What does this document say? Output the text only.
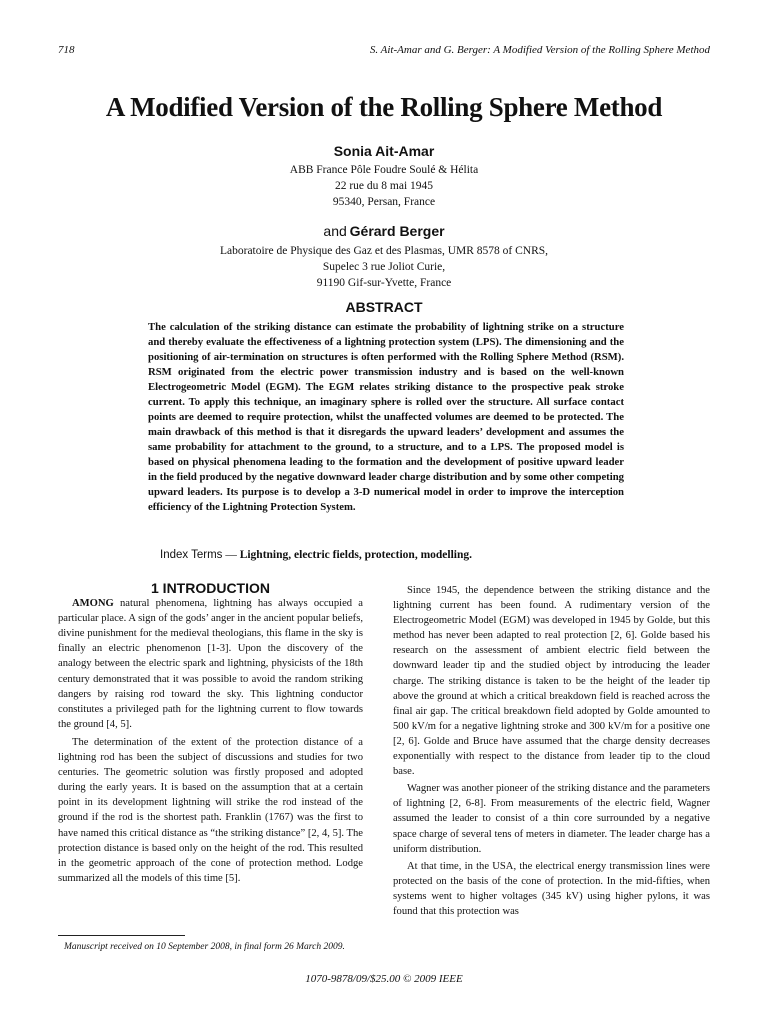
718	S. Ait-Amar and G. Berger: A Modified Version of the Rolling Sphere Method
A Modified Version of the Rolling Sphere Method
Sonia Ait-Amar
ABB France Pôle Foudre Soulé & Hélita
22 rue du 8 mai 1945
95340, Persan, France
and Gérard Berger
Laboratoire de Physique des Gaz et des Plasmas, UMR 8578 of CNRS,
Supelec 3 rue Joliot Curie,
91190 Gif-sur-Yvette, France
ABSTRACT
The calculation of the striking distance can estimate the probability of lightning strike on a structure and thereby evaluate the effectiveness of a lightning protection system (LPS). The dimensioning and the positioning of air-termination on structures is often performed with the Rolling Sphere Method (RSM). RSM originated from the electric power transmission industry and is based on the well-known Electrogeometric Model (EGM). The EGM relates striking distance to the prospective peak stroke current. To apply this technique, an imaginary sphere is rolled over the structure. All surface contact points are deemed to require protection, whilst the unaffected volumes are deemed to be protected. The main drawback of this method is that it disregards the upward leaders’ development and assumes the same probability for attachment to the ground, to a structure, and to a LPS. The proposed model is based on physical phenomena leading to the formation and the development of positive upward leader in the field produced by the negative downward leader charge distribution and by some other competing upward leaders. Its purpose is to develop a 3-D numerical model in order to improve the interception efficiency of the Lightning Protection System.
Index Terms — Lightning, electric fields, protection, modelling.

1 INTRODUCTION

AMONG natural phenomena, lightning has always occupied a particular place. A sign of the gods’ anger in the ancient popular beliefs, divine punishment for the medieval theologians, this flame in the sky is finally an electric phenomenon [1-3]. Upon the discovery of the analogy between the electric spark and lightning, physicists of the 18th century demonstrated that it was possible to avoid the random striking dangers by raising rod toward the sky. This lightning conductor constitutes a privileged path for the lightning current to flow towards the ground [4, 5].

The determination of the extent of the protection distance of a lightning rod has been the subject of discussions and studies for two centuries. The geometric solution was firstly proposed and adopted during the early years. It is based on the assumption that at a certain point in its development lightning will strike the rod instead of the ground if the rod is the shortest path. Franklin (1767) was the first to have named this critical distance as “the striking distance” [2, 4, 5]. The protection distance is based only on the height of the rod. This resulted in the geometric approach of the cone of protection method. Lodge summarized all the models of this time [5].

Since 1945, the dependence between the striking distance and the lightning current has been found. A rudimentary version of the Electrogeometric Model (EGM) was developed in 1945 by Golde, but this method has never been adapted to real protection [2, 6]. Golde based his research on the assessment of ambient electric field between the downward leader tip and the studied object by introducing the leader charge. The striking distance is taken to be the height of the leader tip above the ground at which a critical breakdown field is reached across the final air gap. The critical breakdown field adopted by Golde amounted to 500 kV/m for a negative lightning stroke and 300 kV/m for a positive one [2, 6]. Golde and Bruce have assumed that the charge density decreases exponentially with respect to the distance from leader tip to the cloud base.

Wagner was another pioneer of the striking distance and the parameters of lightning [2, 6-8]. From measurements of the electric field, Wagner assumed the leader to consist of a thin core surrounded by a negative space charge of several tens of meters in diameter. The leader charge has a uniform distribution.

At that time, in the USA, the electrical energy transmission lines were protected on the basis of the cone of protection. In the mid-fifties, when systems went to higher voltages (345 kV) using higher pylons, it was found that this protection was

Manuscript received on 10 September 2008, in final form 26 March 2009.
1070-9878/09/$25.00 © 2009 IEEE
